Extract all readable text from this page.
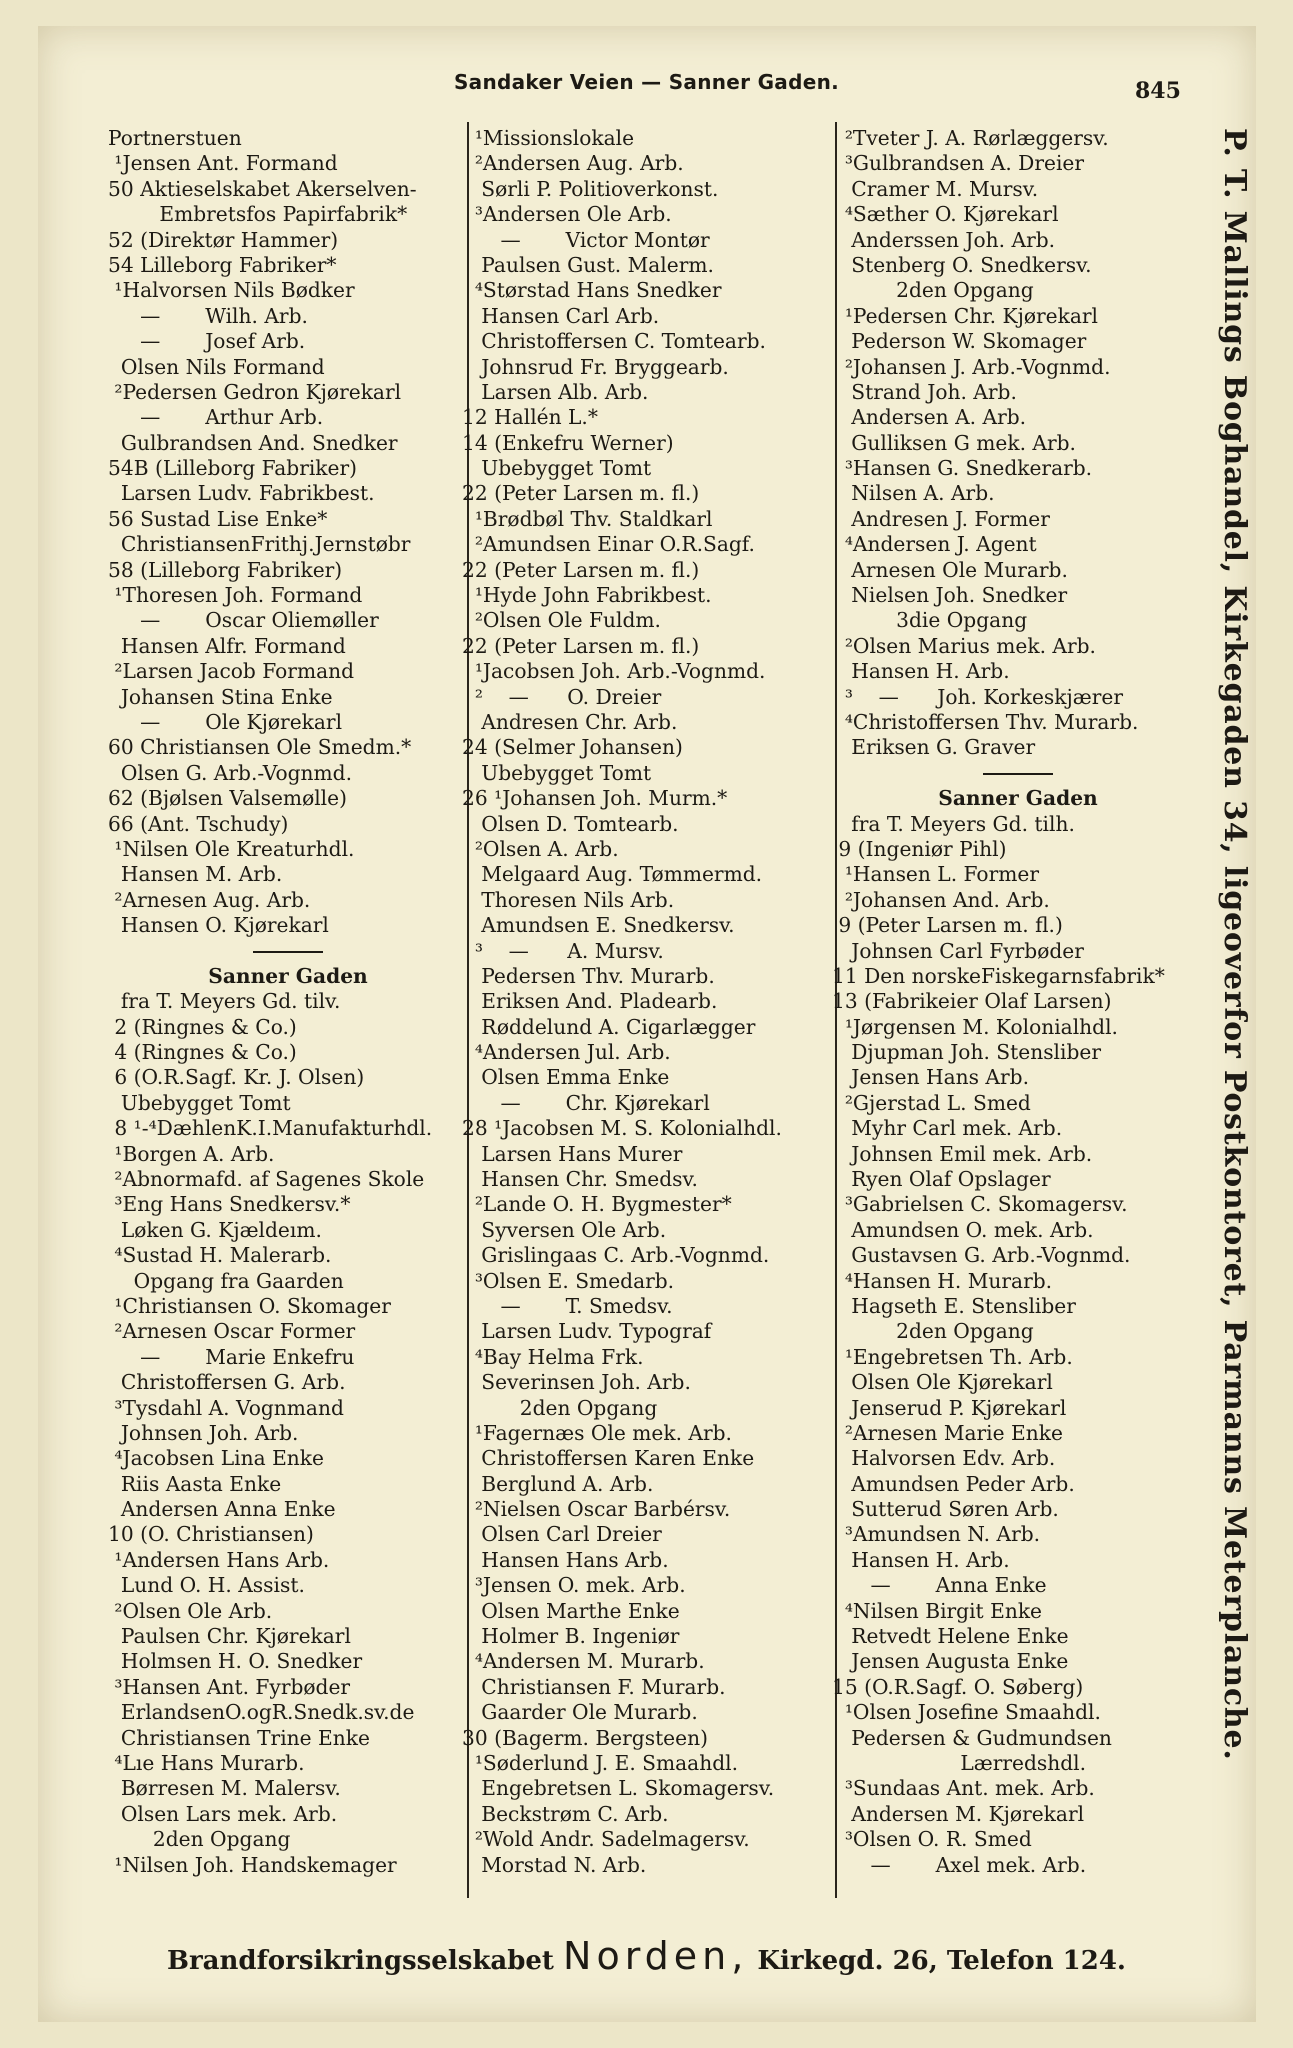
Sandaker Veien — Sanner Gaden.	845
Portnerstuen
¹Jensen Ant. Formand
50 Aktieselskabet Akerselven-
Embretsfos Papirfabrik*
52 (Direktør Hammer)
54 Lilleborg Fabriker*
¹Halvorsen Nils Bødker
—       Wilh. Arb.
—       Josef Arb.
Olsen Nils Formand
²Pedersen Gedron Kjørekarl
—       Arthur Arb.
Gulbrandsen And. Snedker
54B (Lilleborg Fabriker)
Larsen Ludv. Fabrikbest.
56 Sustad Lise Enke*
ChristiansenFrithj.Jernstøbr
58 (Lilleborg Fabriker)
¹Thoresen Joh. Formand
—       Oscar Oliemøller
Hansen Alfr. Formand
²Larsen Jacob Formand
Johansen Stina Enke
—       Ole Kjørekarl
60 Christiansen Ole Smedm.*
Olsen G. Arb.-Vognmd.
62 (Bjølsen Valsemølle)
66 (Ant. Tschudy)
¹Nilsen Ole Kreaturhdl.
Hansen M. Arb.
²Arnesen Aug. Arb.
Hansen O. Kjørekarl
Sanner Gaden
fra T. Meyers Gd. tilv.
2 (Ringnes & Co.)
4 (Ringnes & Co.)
6 (O.R.Sagf. Kr. J. Olsen)
Ubebygget Tomt
8 ¹-⁴DæhlenK.I.Manufakturhdl.
¹Borgen A. Arb.
²Abnormafd. af Sagenes Skole
³Eng Hans Snedkersv.*
Løken G. Kjældeım.
⁴Sustad H. Malerarb.
Opgang fra Gaarden
¹Christiansen O. Skomager
²Arnesen Oscar Former
—       Marie Enkefru
Christoffersen G. Arb.
³Tysdahl A. Vognmand
Johnsen Joh. Arb.
⁴Jacobsen Lina Enke
Riis Aasta Enke
Andersen Anna Enke
10 (O. Christiansen)
¹Andersen Hans Arb.
Lund O. H. Assist.
²Olsen Ole Arb.
Paulsen Chr. Kjørekarl
Holmsen H. O. Snedker
³Hansen Ant. Fyrbøder
ErlandsenO.ogR.Snedk.sv.de
Christiansen Trine Enke
⁴Lıe Hans Murarb.
Børresen M. Malersv.
Olsen Lars mek. Arb.
2den Opgang
¹Nilsen Joh. Handskemager
¹Missionslokale
²Andersen Aug. Arb.
Sørli P. Politioverkonst.
³Andersen Ole Arb.
—       Victor Montør
Paulsen Gust. Malerm.
⁴Størstad Hans Snedker
Hansen Carl Arb.
Christoffersen C. Tomtearb.
Johnsrud Fr. Bryggearb.
Larsen Alb. Arb.
12 Hallén L.*
14 (Enkefru Werner)
Ubebygget Tomt
22 (Peter Larsen m. fl.)
¹Brødbøl Thv. Staldkarl
²Amundsen Einar O.R.Sagf.
22 (Peter Larsen m. fl.)
¹Hyde John Fabrikbest.
²Olsen Ole Fuldm.
22 (Peter Larsen m. fl.)
¹Jacobsen Joh. Arb.-Vognmd.
²    —      O. Dreier
Andresen Chr. Arb.
24 (Selmer Johansen)
Ubebygget Tomt
26 ¹Johansen Joh. Murm.*
Olsen D. Tomtearb.
²Olsen A. Arb.
Melgaard Aug. Tømmermd.
Thoresen Nils Arb.
Amundsen E. Snedkersv.
³    —      A. Mursv.
Pedersen Thv. Murarb.
Eriksen And. Pladearb.
Røddelund A. Cigarlægger
⁴Andersen Jul. Arb.
Olsen Emma Enke
—       Chr. Kjørekarl
28 ¹Jacobsen M. S. Kolonialhdl.
Larsen Hans Murer
Hansen Chr. Smedsv.
²Lande O. H. Bygmester*
Syversen Ole Arb.
Grislingaas C. Arb.-Vognmd.
³Olsen E. Smedarb.
—       T. Smedsv.
Larsen Ludv. Typograf
⁴Bay Helma Frk.
Severinsen Joh. Arb.
2den Opgang
¹Fagernæs Ole mek. Arb.
Christoffersen Karen Enke
Berglund A. Arb.
²Nielsen Oscar Barbérsv.
Olsen Carl Dreier
Hansen Hans Arb.
³Jensen O. mek. Arb.
Olsen Marthe Enke
Holmer B. Ingeniør
⁴Andersen M. Murarb.
Christiansen F. Murarb.
Gaarder Ole Murarb.
30 (Bagerm. Bergsteen)
¹Søderlund J. E. Smaahdl.
Engebretsen L. Skomagersv.
Beckstrøm C. Arb.
²Wold Andr. Sadelmagersv.
Morstad N. Arb.
²Tveter J. A. Rørlæggersv.
³Gulbrandsen A. Dreier
Cramer M. Mursv.
⁴Sæther O. Kjørekarl
Anderssen Joh. Arb.
Stenberg O. Snedkersv.
2den Opgang
¹Pedersen Chr. Kjørekarl
Pederson W. Skomager
²Johansen J. Arb.-Vognmd.
Strand Joh. Arb.
Andersen A. Arb.
Gulliksen G mek. Arb.
³Hansen G. Snedkerarb.
Nilsen A. Arb.
Andresen J. Former
⁴Andersen J. Agent
Arnesen Ole Murarb.
Nielsen Joh. Snedker
3die Opgang
²Olsen Marius mek. Arb.
Hansen H. Arb.
³    —      Joh. Korkeskjærer
⁴Christoffersen Thv. Murarb.
Eriksen G. Graver
Sanner Gaden
fra T. Meyers Gd. tilh.
9 (Ingeniør Pihl)
¹Hansen L. Former
²Johansen And. Arb.
9 (Peter Larsen m. fl.)
Johnsen Carl Fyrbøder
11 Den norskeFiskegarnsfabrik*
13 (Fabrikeier Olaf Larsen)
¹Jørgensen M. Kolonialhdl.
Djupman Joh. Stensliber
Jensen Hans Arb.
²Gjerstad L. Smed
Myhr Carl mek. Arb.
Johnsen Emil mek. Arb.
Ryen Olaf Opslager
³Gabrielsen C. Skomagersv.
Amundsen O. mek. Arb.
Gustavsen G. Arb.-Vognmd.
⁴Hansen H. Murarb.
Hagseth E. Stensliber
2den Opgang
¹Engebretsen Th. Arb.
Olsen Ole Kjørekarl
Jenserud P. Kjørekarl
²Arnesen Marie Enke
Halvorsen Edv. Arb.
Amundsen Peder Arb.
Sutterud Søren Arb.
³Amundsen N. Arb.
Hansen H. Arb.
—       Anna Enke
⁴Nilsen Birgit Enke
Retvedt Helene Enke
Jensen Augusta Enke
15 (O.R.Sagf. O. Søberg)
¹Olsen Josefine Smaahdl.
Pedersen & Gudmundsen
Lærredshdl.
³Sundaas Ant. mek. Arb.
Andersen M. Kjørekarl
³Olsen O. R. Smed
—       Axel mek. Arb.
P. T. Mallings Boghandel, Kirkegaden 34, ligeoverfor Postkontoret, Parmanns Meterplanche.
Brandforsikringsselskabet Norden, Kirkegd. 26, Telefon 124.
